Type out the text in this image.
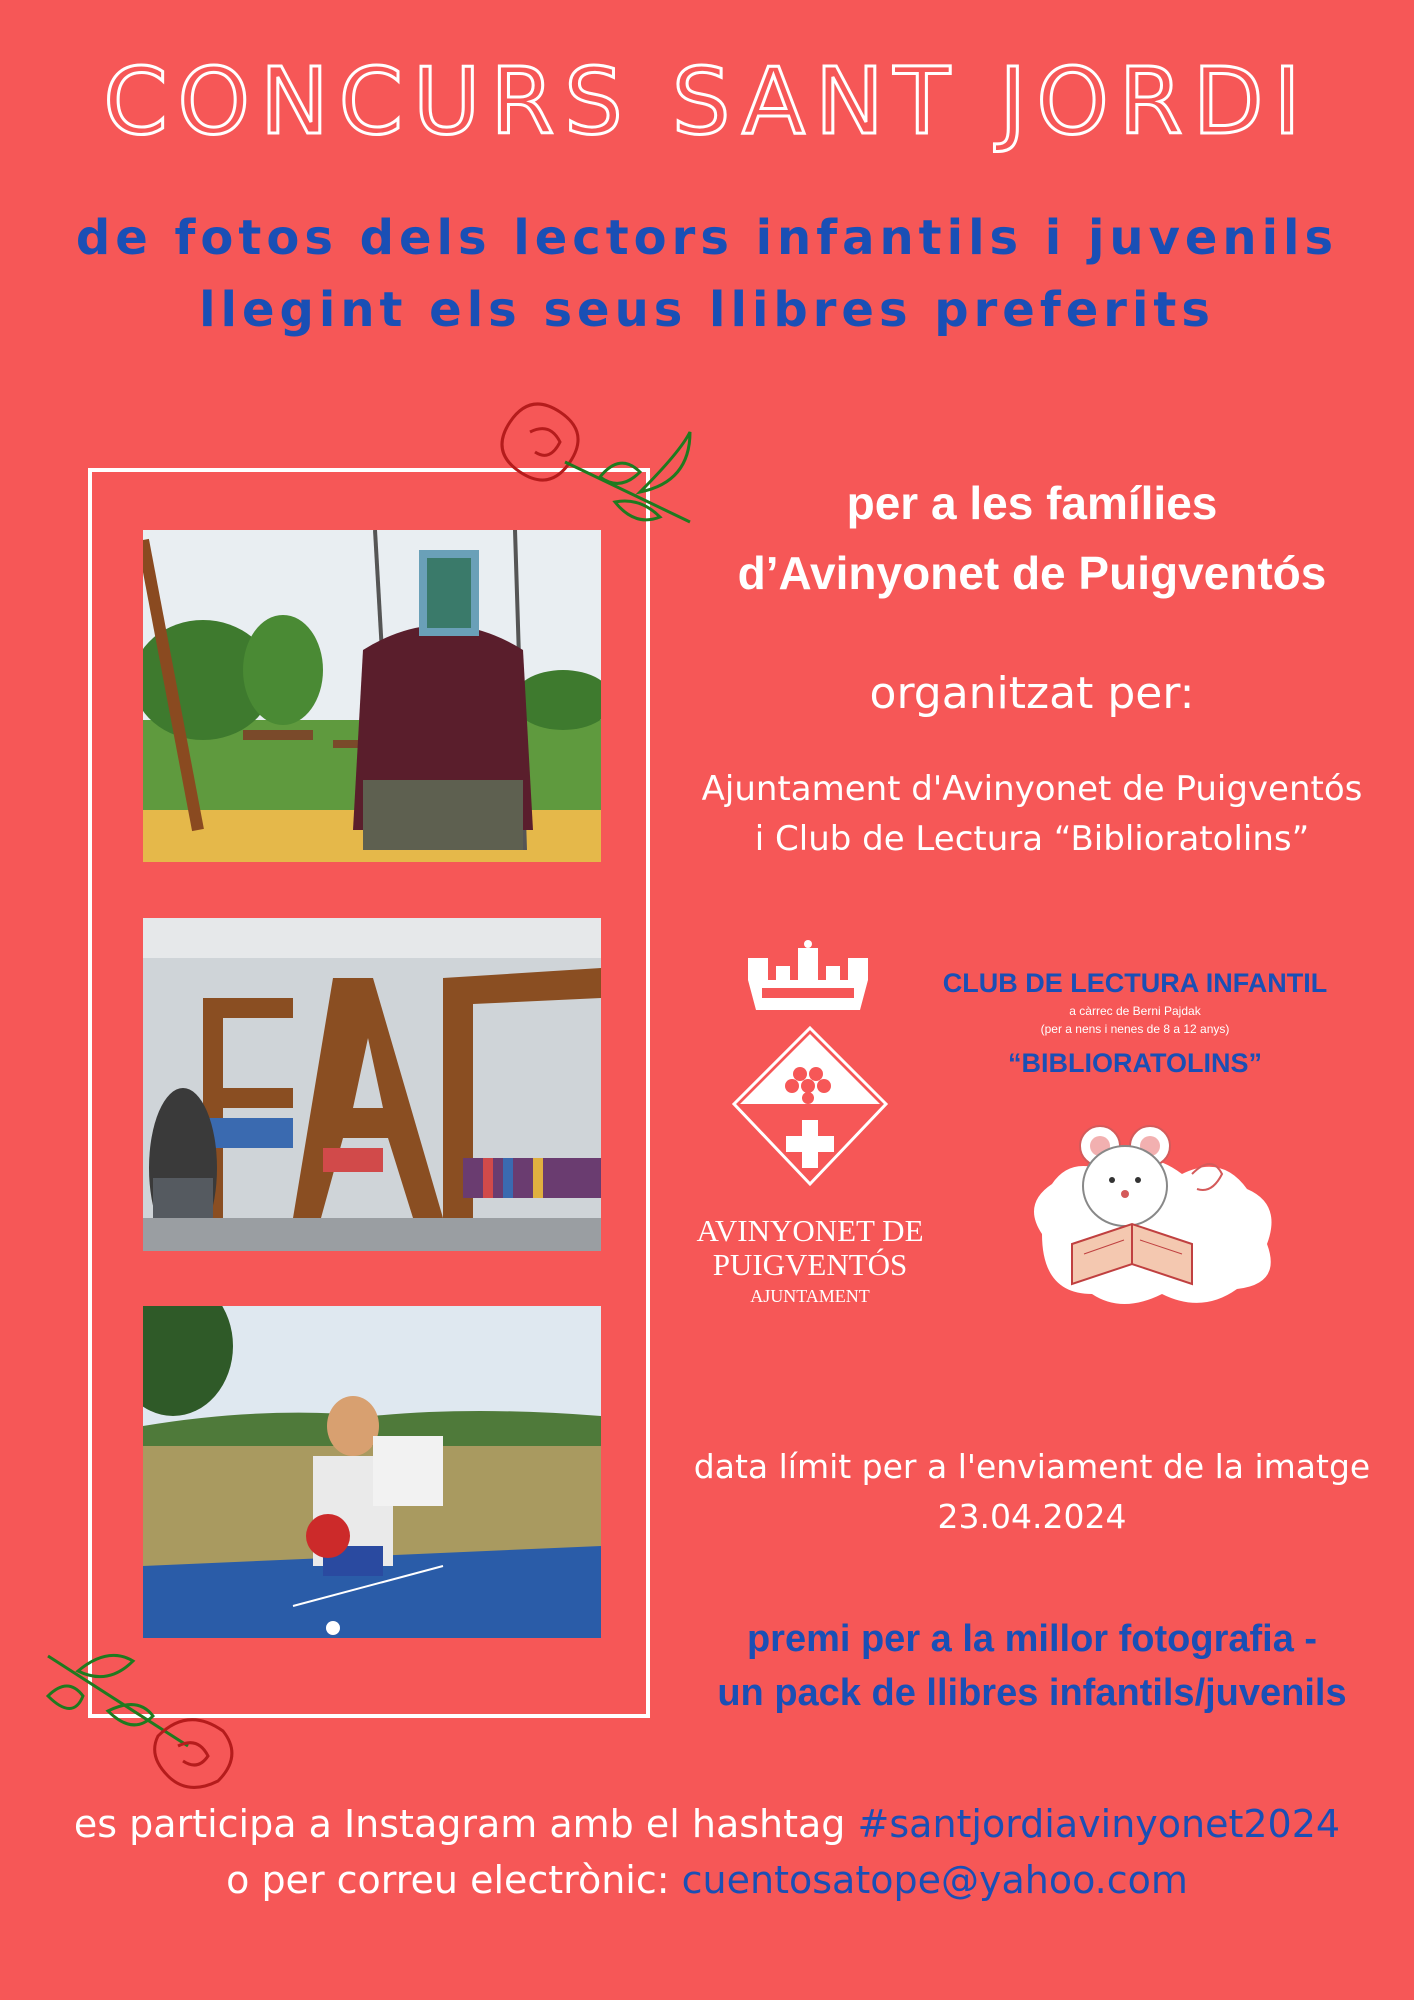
CONCURS SANT JORDI
de fotos dels lectors infantils i juvenils
llegint els seus llibres preferits
per a les famílies
d’Avinyonet de Puigventós
organitzat per:
Ajuntament d'Avinyonet de Puigventós
i Club de Lectura “Biblioratolins”
AVINYONET DE
PUIGVENTÓS
AJUNTAMENT
CLUB DE LECTURA INFANTIL
a càrrec de Berni Pajdak
(per a nens i nenes de 8 a 12 anys)
“BIBLIORATOLINS”
data límit per a l'enviament de la imatge
23.04.2024
premi per a la millor fotografia -
un pack de llibres infantils/juvenils
es participa a Instagram amb el hashtag #santjordiavinyonet2024
o per correu electrònic: cuentosatope@yahoo.com
